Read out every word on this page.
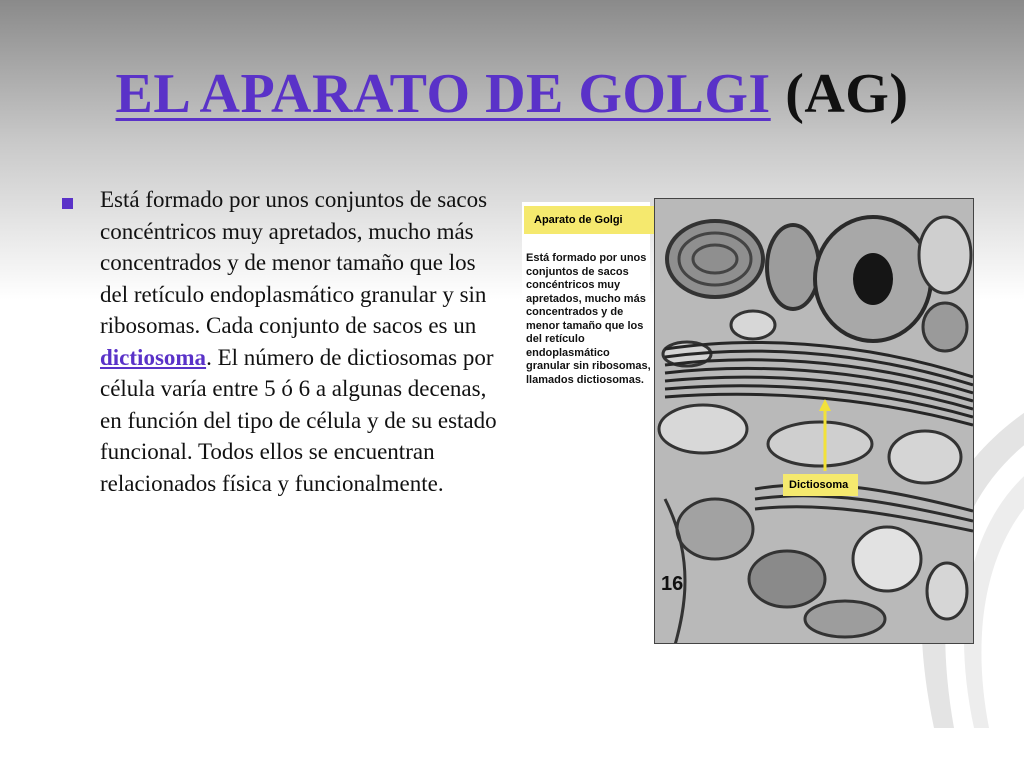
EL APARATO DE GOLGI (AG)
Está formado por unos conjuntos de sacos concéntricos muy apretados, mucho más concentrados y de menor tamaño que los del retículo endoplasmático granular y sin ribosomas. Cada conjunto de sacos es un dictiosoma. El número de dictiosomas por célula varía entre 5 ó 6 a algunas decenas, en función del tipo de célula y de su estado funcional. Todos ellos se encuentran relacionados física y funcionalmente.
Aparato de Golgi
Está formado por unos conjuntos de sacos concéntricos muy apretados, mucho más concentrados y de menor tamaño que los del retículo endoplasmático granular sin ribosomas, llamados dictiosomas.
Dictiosoma
16
